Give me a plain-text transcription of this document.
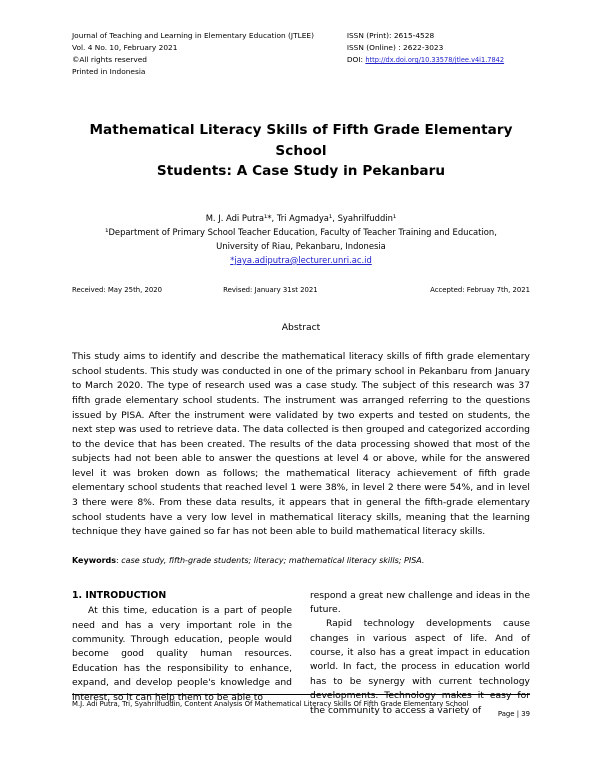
Journal of Teaching and Learning in Elementary Education (JTLEE)
Vol. 4 No. 10, February 2021
©All rights reserved
Printed in Indonesia
ISSN (Print): 2615-4528
ISSN (Online) : 2622-3023
DOI: http://dx.doi.org/10.33578/jtlee.v4i1.7842
Mathematical Literacy Skills of Fifth Grade Elementary School
Students: A Case Study in Pekanbaru
M. J. Adi Putra¹*, Tri Agmadya¹, Syahrilfuddin¹
¹Department of Primary School Teacher Education, Faculty of Teacher Training and Education,
University of Riau, Pekanbaru, Indonesia
*jaya.adiputra@lecturer.unri.ac.id
Received: May 25th, 2020	Revised: January 31st 2021	Accepted: Februay 7th, 2021
Abstract
This study aims to identify and describe the mathematical literacy skills of fifth grade elementary school students. This study was conducted in one of the primary school in Pekanbaru from January to March 2020. The type of research used was a case study. The subject of this research was 37 fifth grade elementary school students. The instrument was arranged referring to the questions issued by PISA. After the instrument were validated by two experts and tested on students, the next step was used to retrieve data. The data collected is then grouped and categorized according to the device that has been created. The results of the data processing showed that most of the subjects had not been able to answer the questions at level 4 or above, while for the answered level it was broken down as follows; the mathematical literacy achievement of fifth grade elementary school students that reached level 1 were 38%, in level 2 there were 54%, and in level 3 there were 8%. From these data results, it appears that in general the fifth-grade elementary school students have a very low level in mathematical literacy skills, meaning that the learning technique they have gained so far has not been able to build mathematical literacy skills.
Keywords: case study, fifth-grade students; literacy; mathematical literacy skills; PISA.
1. INTRODUCTION

At this time, education is a part of people need and has a very important role in the community. Through education, people would become good quality human resources. Education has the responsibility to enhance, expand, and develop people's knowledge and interest, so it can help them to be able to

respond a great new challenge and ideas in the future.

Rapid technology developments cause changes in various aspect of life. And of course, it also has a great impact in education world. In fact, the process in education world has to be synergy with current technology developments. Technology makes it easy for the community to access a variety of

M.J. Adi Putra, Tri, Syahrilfuddin, Content Analysis Of Mathematical Literacy Skills Of Fifth Grade Elementary School
Page | 39
